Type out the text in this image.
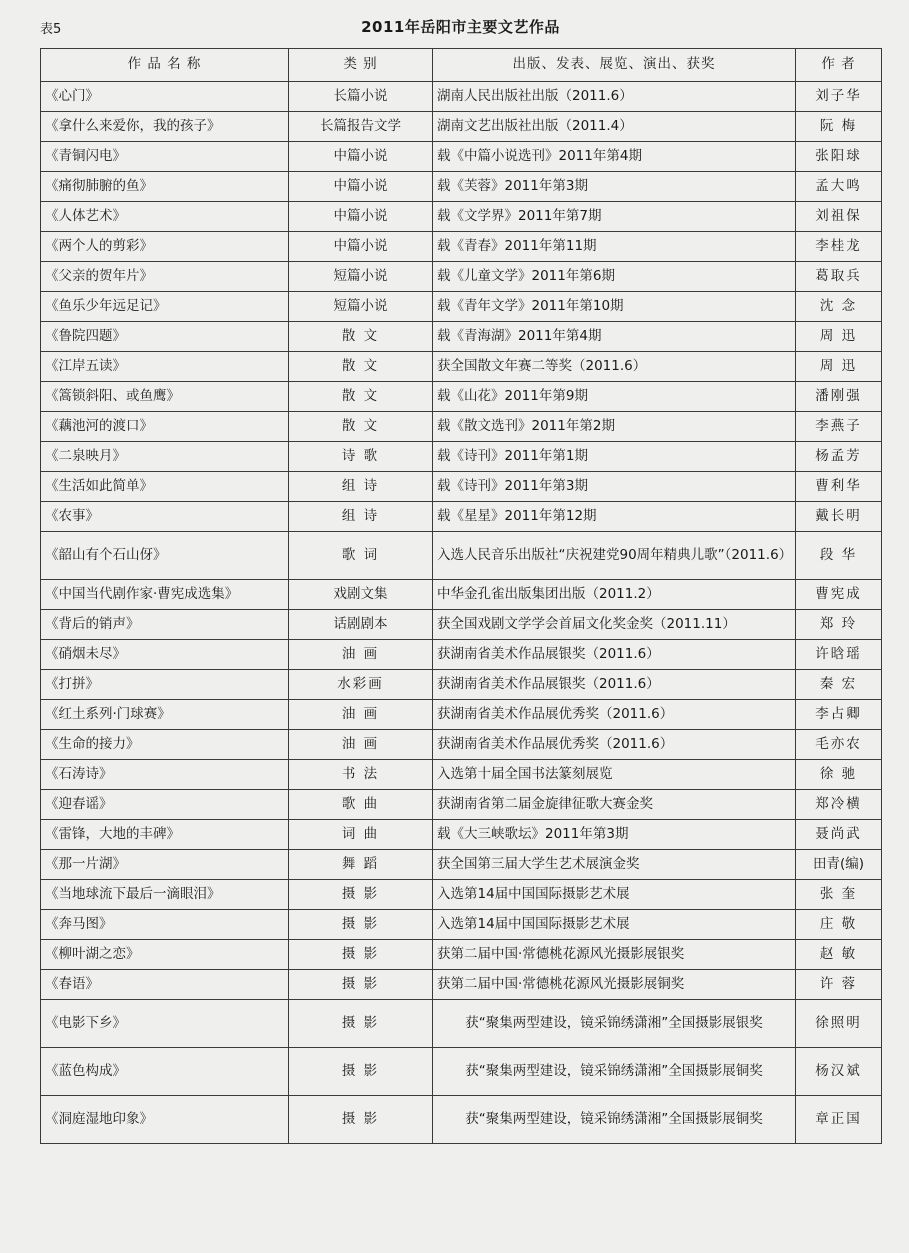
表5	2011年岳阳市主要文艺作品
作 品 名 称	类 别	出版、发表、展览、演出、获奖	作 者
《心门》	长篇小说	湖南人民出版社出版（2011.6）	刘子华
《拿什么来爱你，我的孩子》	长篇报告文学	湖南文艺出版社出版（2011.4）	阮 梅
《青铜闪电》	中篇小说	载《中篇小说选刊》2011年第4期	张阳球
《痛彻肺腑的鱼》	中篇小说	载《芙蓉》2011年第3期	孟大鸣
《人体艺术》	中篇小说	载《文学界》2011年第7期	刘祖保
《两个人的剪彩》	中篇小说	载《青春》2011年第11期	李桂龙
《父亲的贺年片》	短篇小说	载《儿童文学》2011年第6期	葛取兵
《鱼乐少年远足记》	短篇小说	载《青年文学》2011年第10期	沈 念
《鲁院四题》	散 文	载《青海湖》2011年第4期	周 迅
《江岸五读》	散 文	获全国散文年赛二等奖（2011.6）	周 迅
《篙锁斜阳、或鱼鹰》	散 文	载《山花》2011年第9期	潘刚强
《藕池河的渡口》	散 文	载《散文选刊》2011年第2期	李燕子
《二泉映月》	诗 歌	载《诗刊》2011年第1期	杨孟芳
《生活如此简单》	组 诗	载《诗刊》2011年第3期	曹利华
《农事》	组 诗	载《星星》2011年第12期	戴长明
《韶山有个石山伢》	歌 词	入选人民音乐出版社“庆祝建党90周年精典儿歌”（2011.6）	段 华
《中国当代剧作家·曹宪成选集》	戏剧文集	中华金孔雀出版集团出版（2011.2）	曹宪成
《背后的销声》	话剧剧本	获全国戏剧文学学会首届文化奖金奖（2011.11）	郑 玲
《硝烟未尽》	油 画	获湖南省美术作品展银奖（2011.6）	许晗瑶
《打拼》	水彩画	获湖南省美术作品展银奖（2011.6）	秦 宏
《红土系列·门球赛》	油 画	获湖南省美术作品展优秀奖（2011.6）	李占卿
《生命的接力》	油 画	获湖南省美术作品展优秀奖（2011.6）	毛亦农
《石涛诗》	书 法	入选第十届全国书法篆刻展览	徐 驰
《迎春谣》	歌 曲	获湖南省第二届金旋律征歌大赛金奖	郑冷横
《雷锋，大地的丰碑》	词 曲	载《大三峡歌坛》2011年第3期	聂尚武
《那一片湖》	舞 蹈	获全国第三届大学生艺术展演金奖	田青(编)
《当地球流下最后一滴眼泪》	摄 影	入选第14届中国国际摄影艺术展	张 奎
《奔马图》	摄 影	入选第14届中国国际摄影艺术展	庄 敬
《柳叶湖之恋》	摄 影	获第二届中国·常德桃花源风光摄影展银奖	赵 敏
《春语》	摄 影	获第二届中国·常德桃花源风光摄影展铜奖	许 蓉
《电影下乡》	摄 影	获“聚集两型建设，镜采锦绣潇湘”全国摄影展银奖	徐照明
《蓝色构成》	摄 影	获“聚集两型建设，镜采锦绣潇湘”全国摄影展铜奖	杨汉斌
《洞庭湿地印象》	摄 影	获“聚集两型建设，镜采锦绣潇湘”全国摄影展铜奖	章正国
